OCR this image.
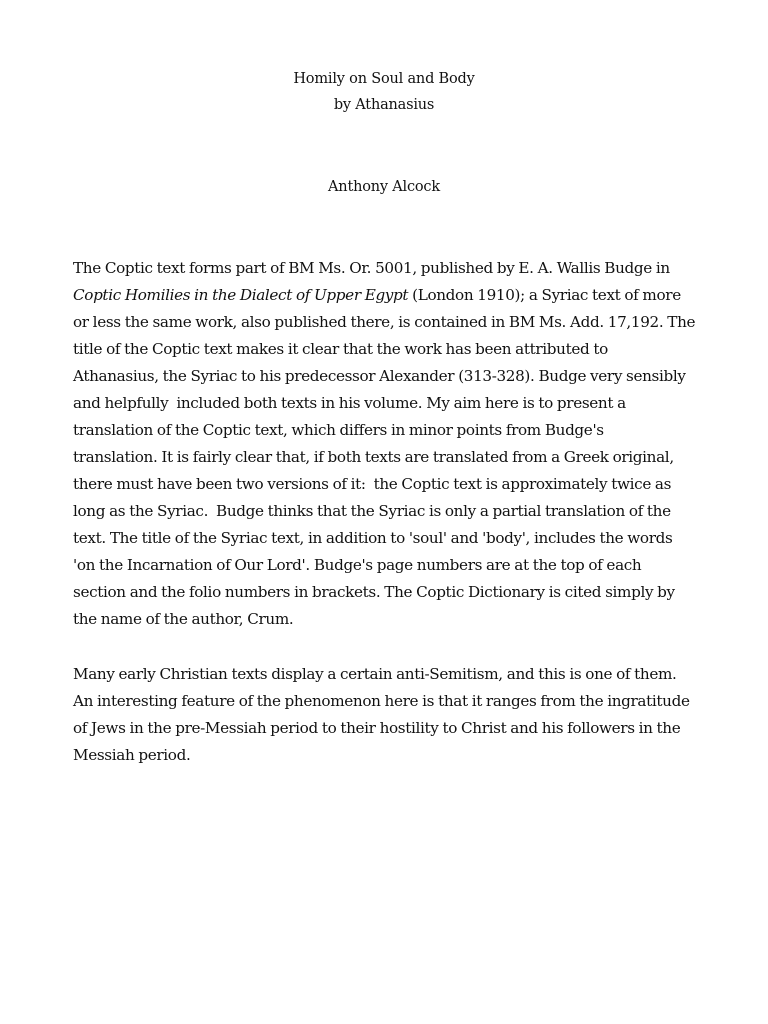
Homily on Soul and Body
by Athanasius
Anthony Alcock
The Coptic text forms part of BM Ms. Or. 5001, published by E. A. Wallis Budge in
Coptic Homilies in the Dialect of Upper Egypt (London 1910); a Syriac text of more
or less the same work, also published there, is contained in BM Ms. Add. 17,192. The
title of the Coptic text makes it clear that the work has been attributed to
Athanasius, the Syriac to his predecessor Alexander (313-328). Budge very sensibly
and helpfully  included both texts in his volume. My aim here is to present a
translation of the Coptic text, which differs in minor points from Budge's
translation. It is fairly clear that, if both texts are translated from a Greek original,
there must have been two versions of it:  the Coptic text is approximately twice as
long as the Syriac.  Budge thinks that the Syriac is only a partial translation of the
text. The title of the Syriac text, in addition to 'soul' and 'body', includes the words
'on the Incarnation of Our Lord'. Budge's page numbers are at the top of each
section and the folio numbers in brackets. The Coptic Dictionary is cited simply by
the name of the author, Crum.
Many early Christian texts display a certain anti-Semitism, and this is one of them.
An interesting feature of the phenomenon here is that it ranges from the ingratitude
of Jews in the pre-Messiah period to their hostility to Christ and his followers in the
Messiah period.
